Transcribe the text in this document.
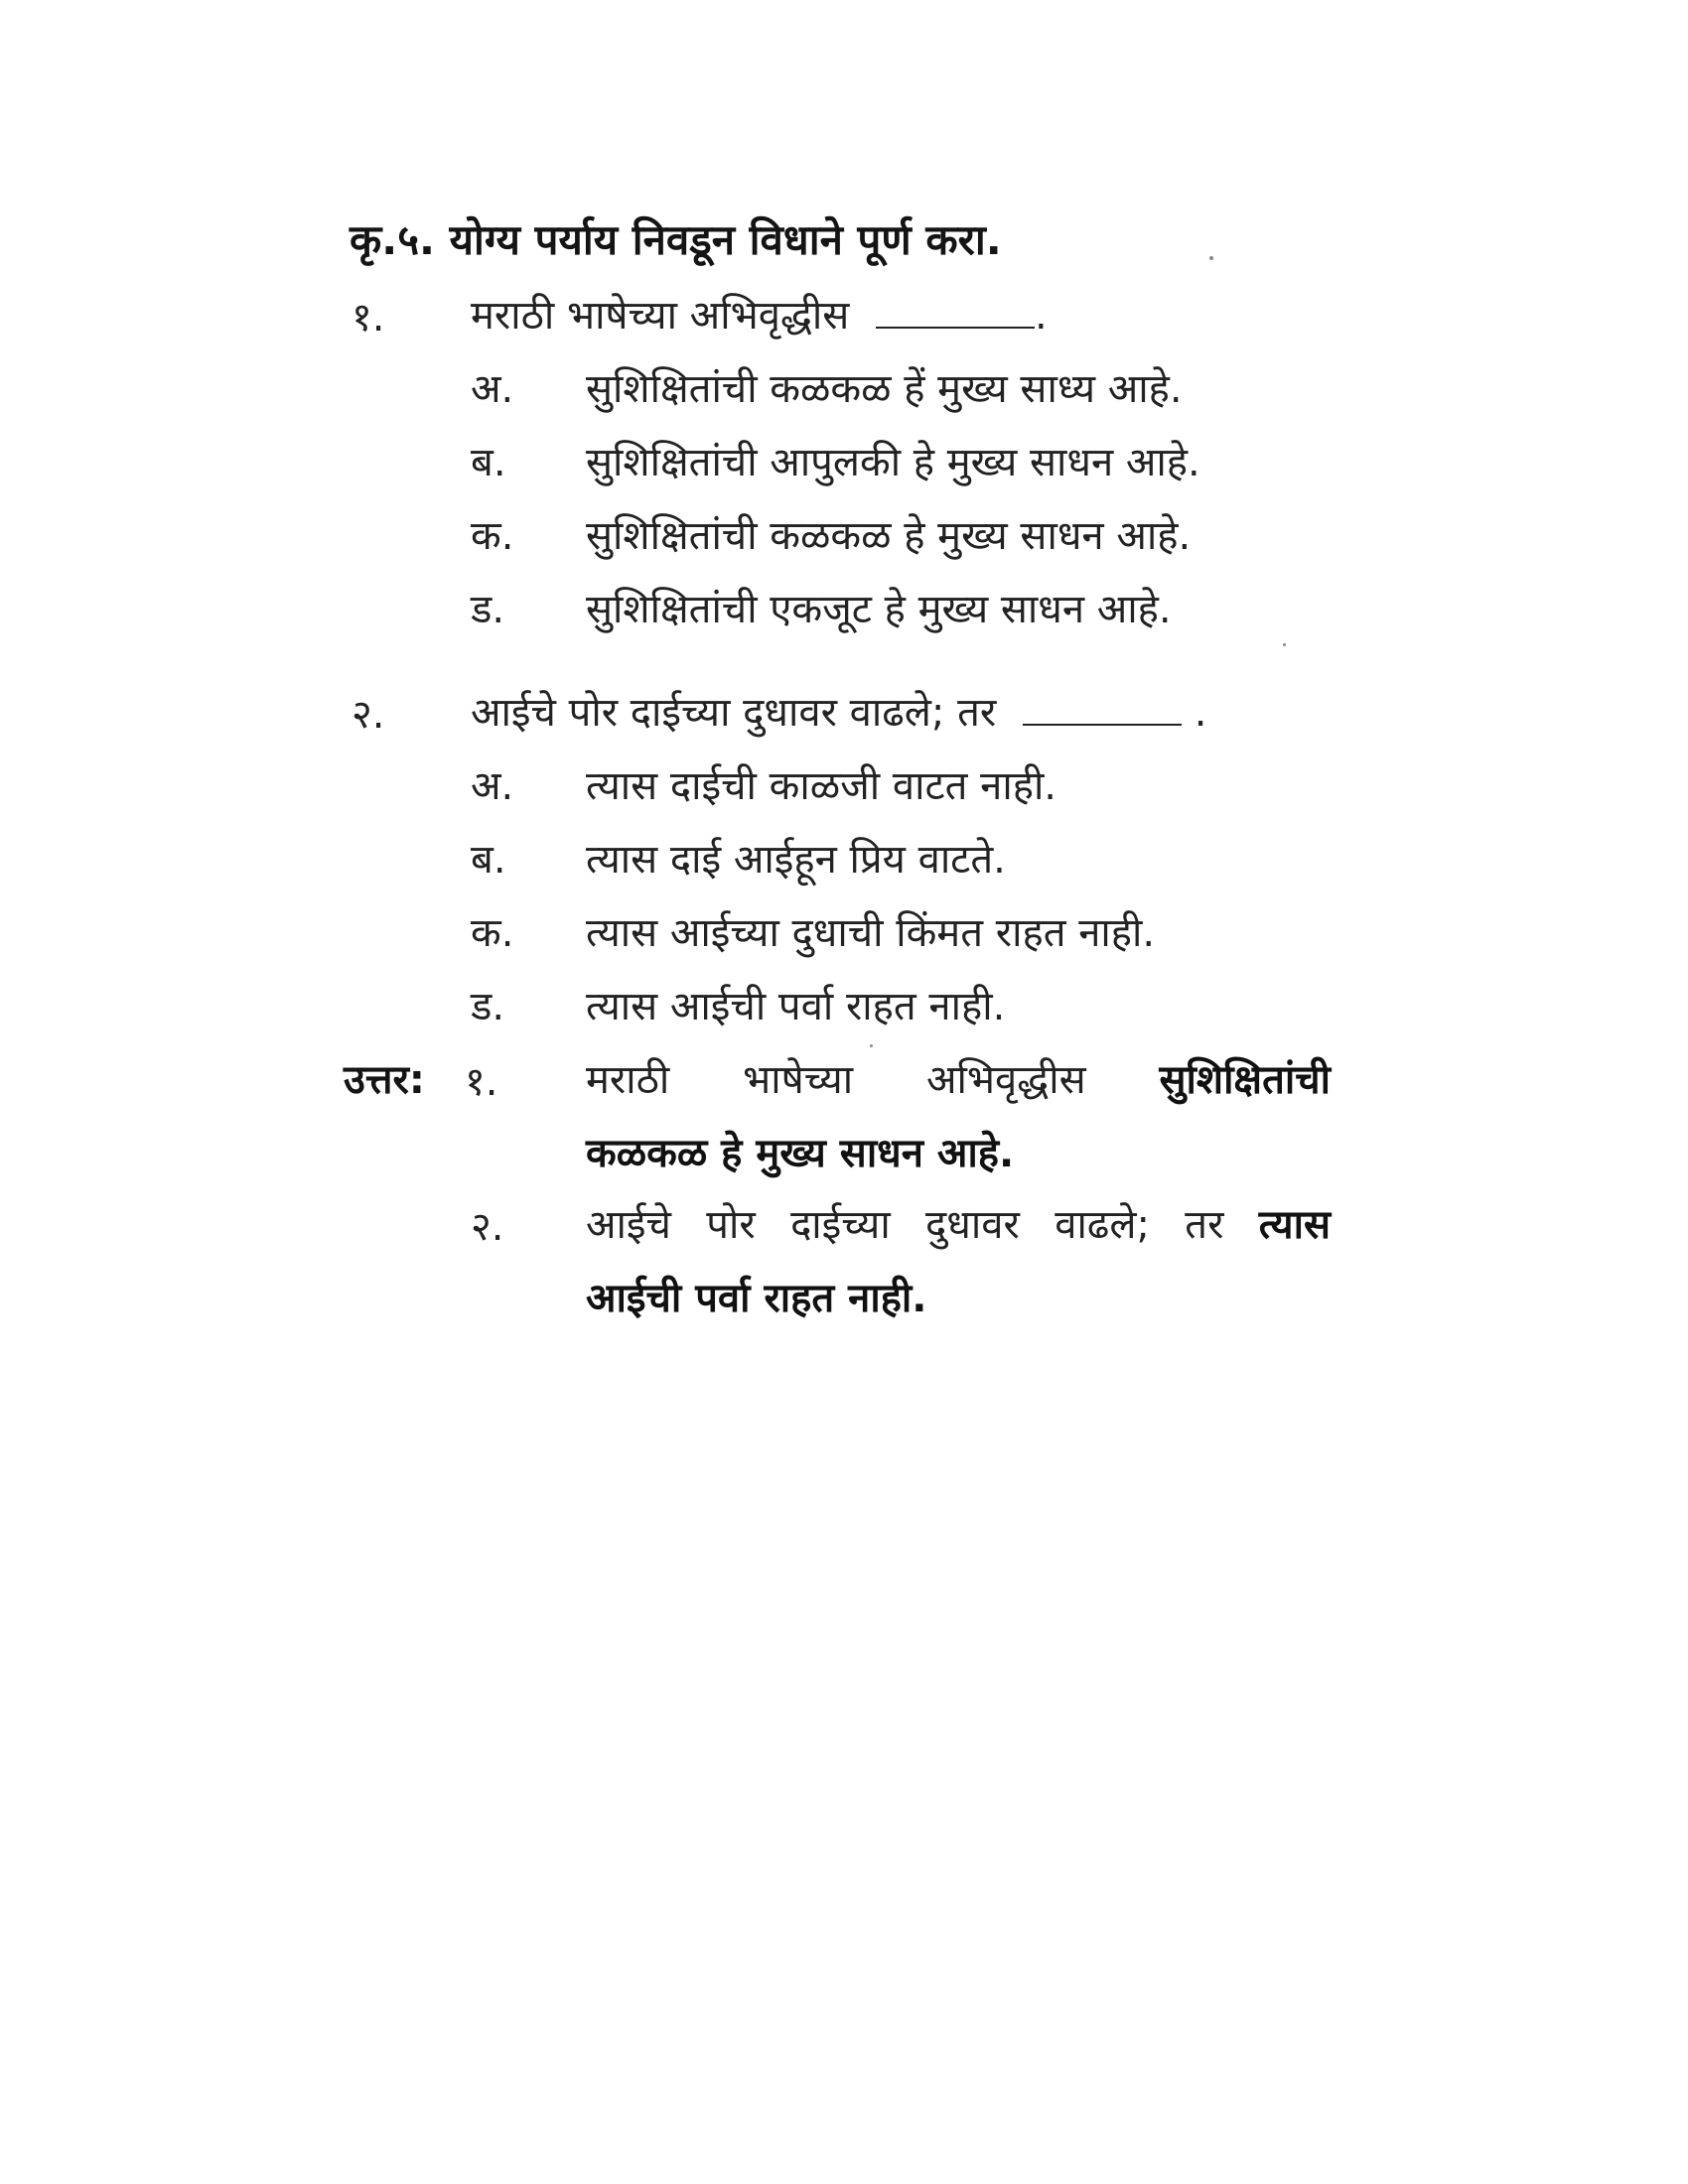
कृ.५. योग्य पर्याय निवडून विधाने पूर्ण करा.
१. मराठी भाषेच्या अभिवृद्धीस	.
अ. सुशिक्षितांची कळकळ हें मुख्य साध्य आहे.
ब. सुशिक्षितांची आपुलकी हे मुख्य साधन आहे.
क. सुशिक्षितांची कळकळ हे मुख्य साधन आहे.
ड. सुशिक्षितांची एकजूट हे मुख्य साधन आहे.
२. आईचे पोर दाईच्या दुधावर वाढले; तर	.
अ. त्यास दाईची काळजी वाटत नाही.
ब. त्यास दाई आईहून प्रिय वाटते.
क. त्यास आईच्या दुधाची किंमत राहत नाही.
ड. त्यास आईची पर्वा राहत नाही.
उत्तर: १. मराठी भाषेच्या अभिवृद्धीस सुशिक्षितांची
कळकळ हे मुख्य साधन आहे.
२. आईचे पोर दाईच्या दुधावर वाढले; तर त्यास
आईची पर्वा राहत नाही.
